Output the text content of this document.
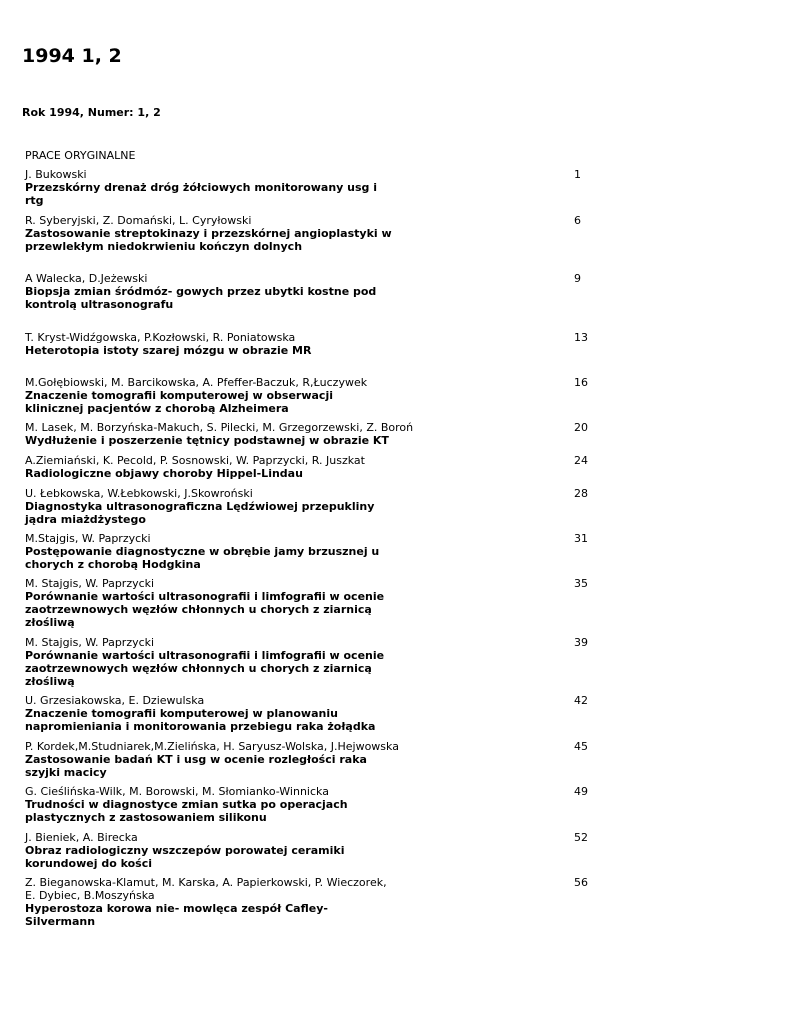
1994 1, 2
Rok 1994, Numer: 1, 2
PRACE ORYGINALNE
J. Bukowski
Przezskórny drenaż dróg żółciowych monitorowany usg i rtg
1
R. Syberyjski, Z. Domański, L. Cyryłowski
Zastosowanie streptokinazy i przezskórnej angioplastyki w przewlekłym niedokrwieniu kończyn dolnych
6
A Walecka, D.Jeżewski
Biopsja zmian śródmóz- gowych przez ubytki kostne pod kontrolą ultrasonografu
9
T. Kryst-Widźgowska, P.Kozłowski, R. Poniatowska
Heterotopia istoty szarej mózgu w obrazie MR
13
M.Gołębiowski, M. Barcikowska, A. Pfeffer-Baczuk, R,Łuczywek
Znaczenie tomografii komputerowej w obserwacji klinicznej pacjentów z chorobą Alzheimera
16
M. Lasek, M. Borzyńska-Makuch, S. Pilecki, M. Grzegorzewski, Z. Boroń
Wydłużenie i poszerzenie tętnicy podstawnej w obrazie KT
20
A.Ziemiański, K. Pecold, P. Sosnowski, W. Paprzycki, R. Juszkat
Radiologiczne objawy choroby Hippel-Lindau
24
U. Łebkowska, W.Łebkowski, J.Skowroński
Diagnostyka ultrasonograficzna Lędźwiowej przepukliny jądra miażdżystego
28
M.Stajgis, W. Paprzycki
Postępowanie diagnostyczne w obrębie jamy brzusznej u chorych z chorobą Hodgkina
31
M. Stajgis, W. Paprzycki
Porównanie wartości ultrasonografii i limfografii w ocenie zaotrzewnowych węzłów chłonnych u chorych z ziarnicą złośliwą
35
M. Stajgis, W. Paprzycki
Porównanie wartości ultrasonografii i limfografii w ocenie zaotrzewnowych węzłów chłonnych u chorych z ziarnicą złośliwą
39
U. Grzesiakowska, E. Dziewulska
Znaczenie tomografii komputerowej w planowaniu napromieniania i monitorowania przebiegu raka żołądka
42
P. Kordek,M.Studniarek,M.Zielińska, H. Saryusz-Wolska, J.Hejwowska
Zastosowanie badań KT i usg w ocenie rozległości raka szyjki macicy
45
G. Cieślińska-Wilk, M. Borowski, M. Słomianko-Winnicka
Trudności w diagnostyce zmian sutka po operacjach plastycznych z zastosowaniem silikonu
49
J. Bieniek, A. Birecka
Obraz radiologiczny wszczepów porowatej ceramiki korundowej do kości
52
Z. Bieganowska-Klamut, M. Karska, A. Papierkowski, P. Wieczorek, E. Dybiec, B.Moszyńska
Hyperostoza korowa nie- mowlęca zespół Cafley-Silvermann
56
